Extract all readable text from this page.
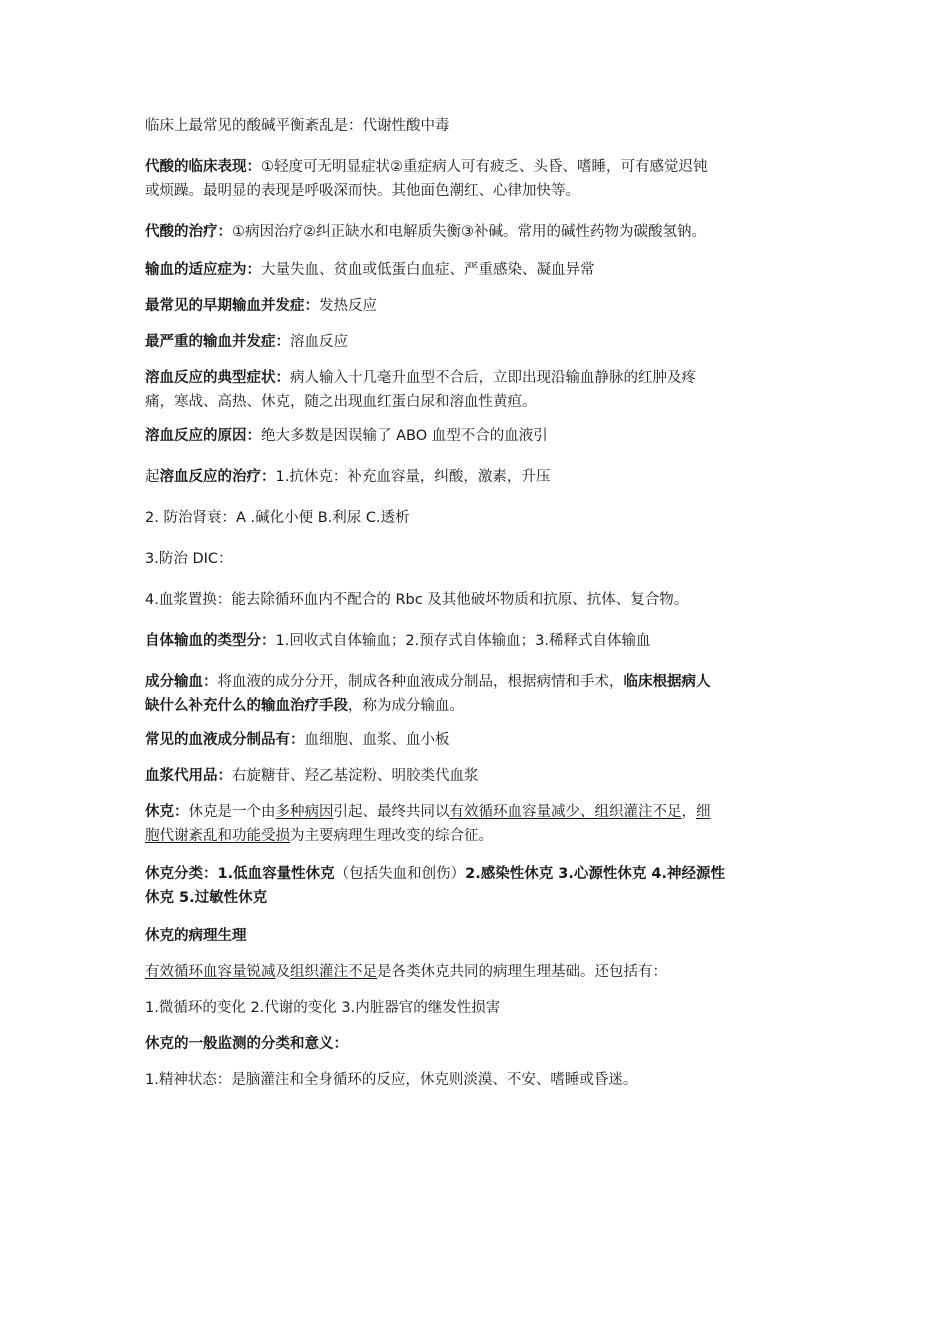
临床上最常见的酸碱平衡紊乱是：代谢性酸中毒

代酸的临床表现：①轻度可无明显症状②重症病人可有疲乏、头昏、嗜睡，可有感觉迟钝
或烦躁。最明显的表现是呼吸深而快。其他面色潮红、心律加快等。

代酸的治疗：①病因治疗②纠正缺水和电解质失衡③补碱。常用的碱性药物为碳酸氢钠。

输血的适应症为：大量失血、贫血或低蛋白血症、严重感染、凝血异常

最常见的早期输血并发症：发热反应

最严重的输血并发症：溶血反应

溶血反应的典型症状：病人输入十几毫升血型不合后，立即出现沿输血静脉的红肿及疼
痛，寒战、高热、休克，随之出现血红蛋白尿和溶血性黄疸。

溶血反应的原因：绝大多数是因误输了 ABO 血型不合的血液引

起溶血反应的治疗：1.抗休克：补充血容量，纠酸，激素，升压

2. 防治肾衰：A .碱化小便 B.利尿 C.透析

3.防治 DIC：

4.血浆置换：能去除循环血内不配合的 Rbc 及其他破坏物质和抗原、抗体、复合物。

自体输血的类型分：1.回收式自体输血；2.预存式自体输血；3.稀释式自体输血

成分输血：将血液的成分分开，制成各种血液成分制品，根据病情和手术，临床根据病人
缺什么补充什么的输血治疗手段，称为成分输血。

常见的血液成分制品有：血细胞、血浆、血小板

血浆代用品：右旋糖苷、羟乙基淀粉、明胶类代血浆

休克：休克是一个由多种病因引起、最终共同以有效循环血容量减少、组织灌注不足，细
胞代谢紊乱和功能受损为主要病理生理改变的综合征。

休克分类：1.低血容量性休克（包括失血和创伤）2.感染性休克 3.心源性休克 4.神经源性
休克 5.过敏性休克

休克的病理生理

有效循环血容量锐减及组织灌注不足是各类休克共同的病理生理基础。还包括有：

1.微循环的变化 2.代谢的变化 3.内脏器官的继发性损害

休克的一般监测的分类和意义：

1.精神状态：是脑灌注和全身循环的反应，休克则淡漠、不安、嗜睡或昏迷。
